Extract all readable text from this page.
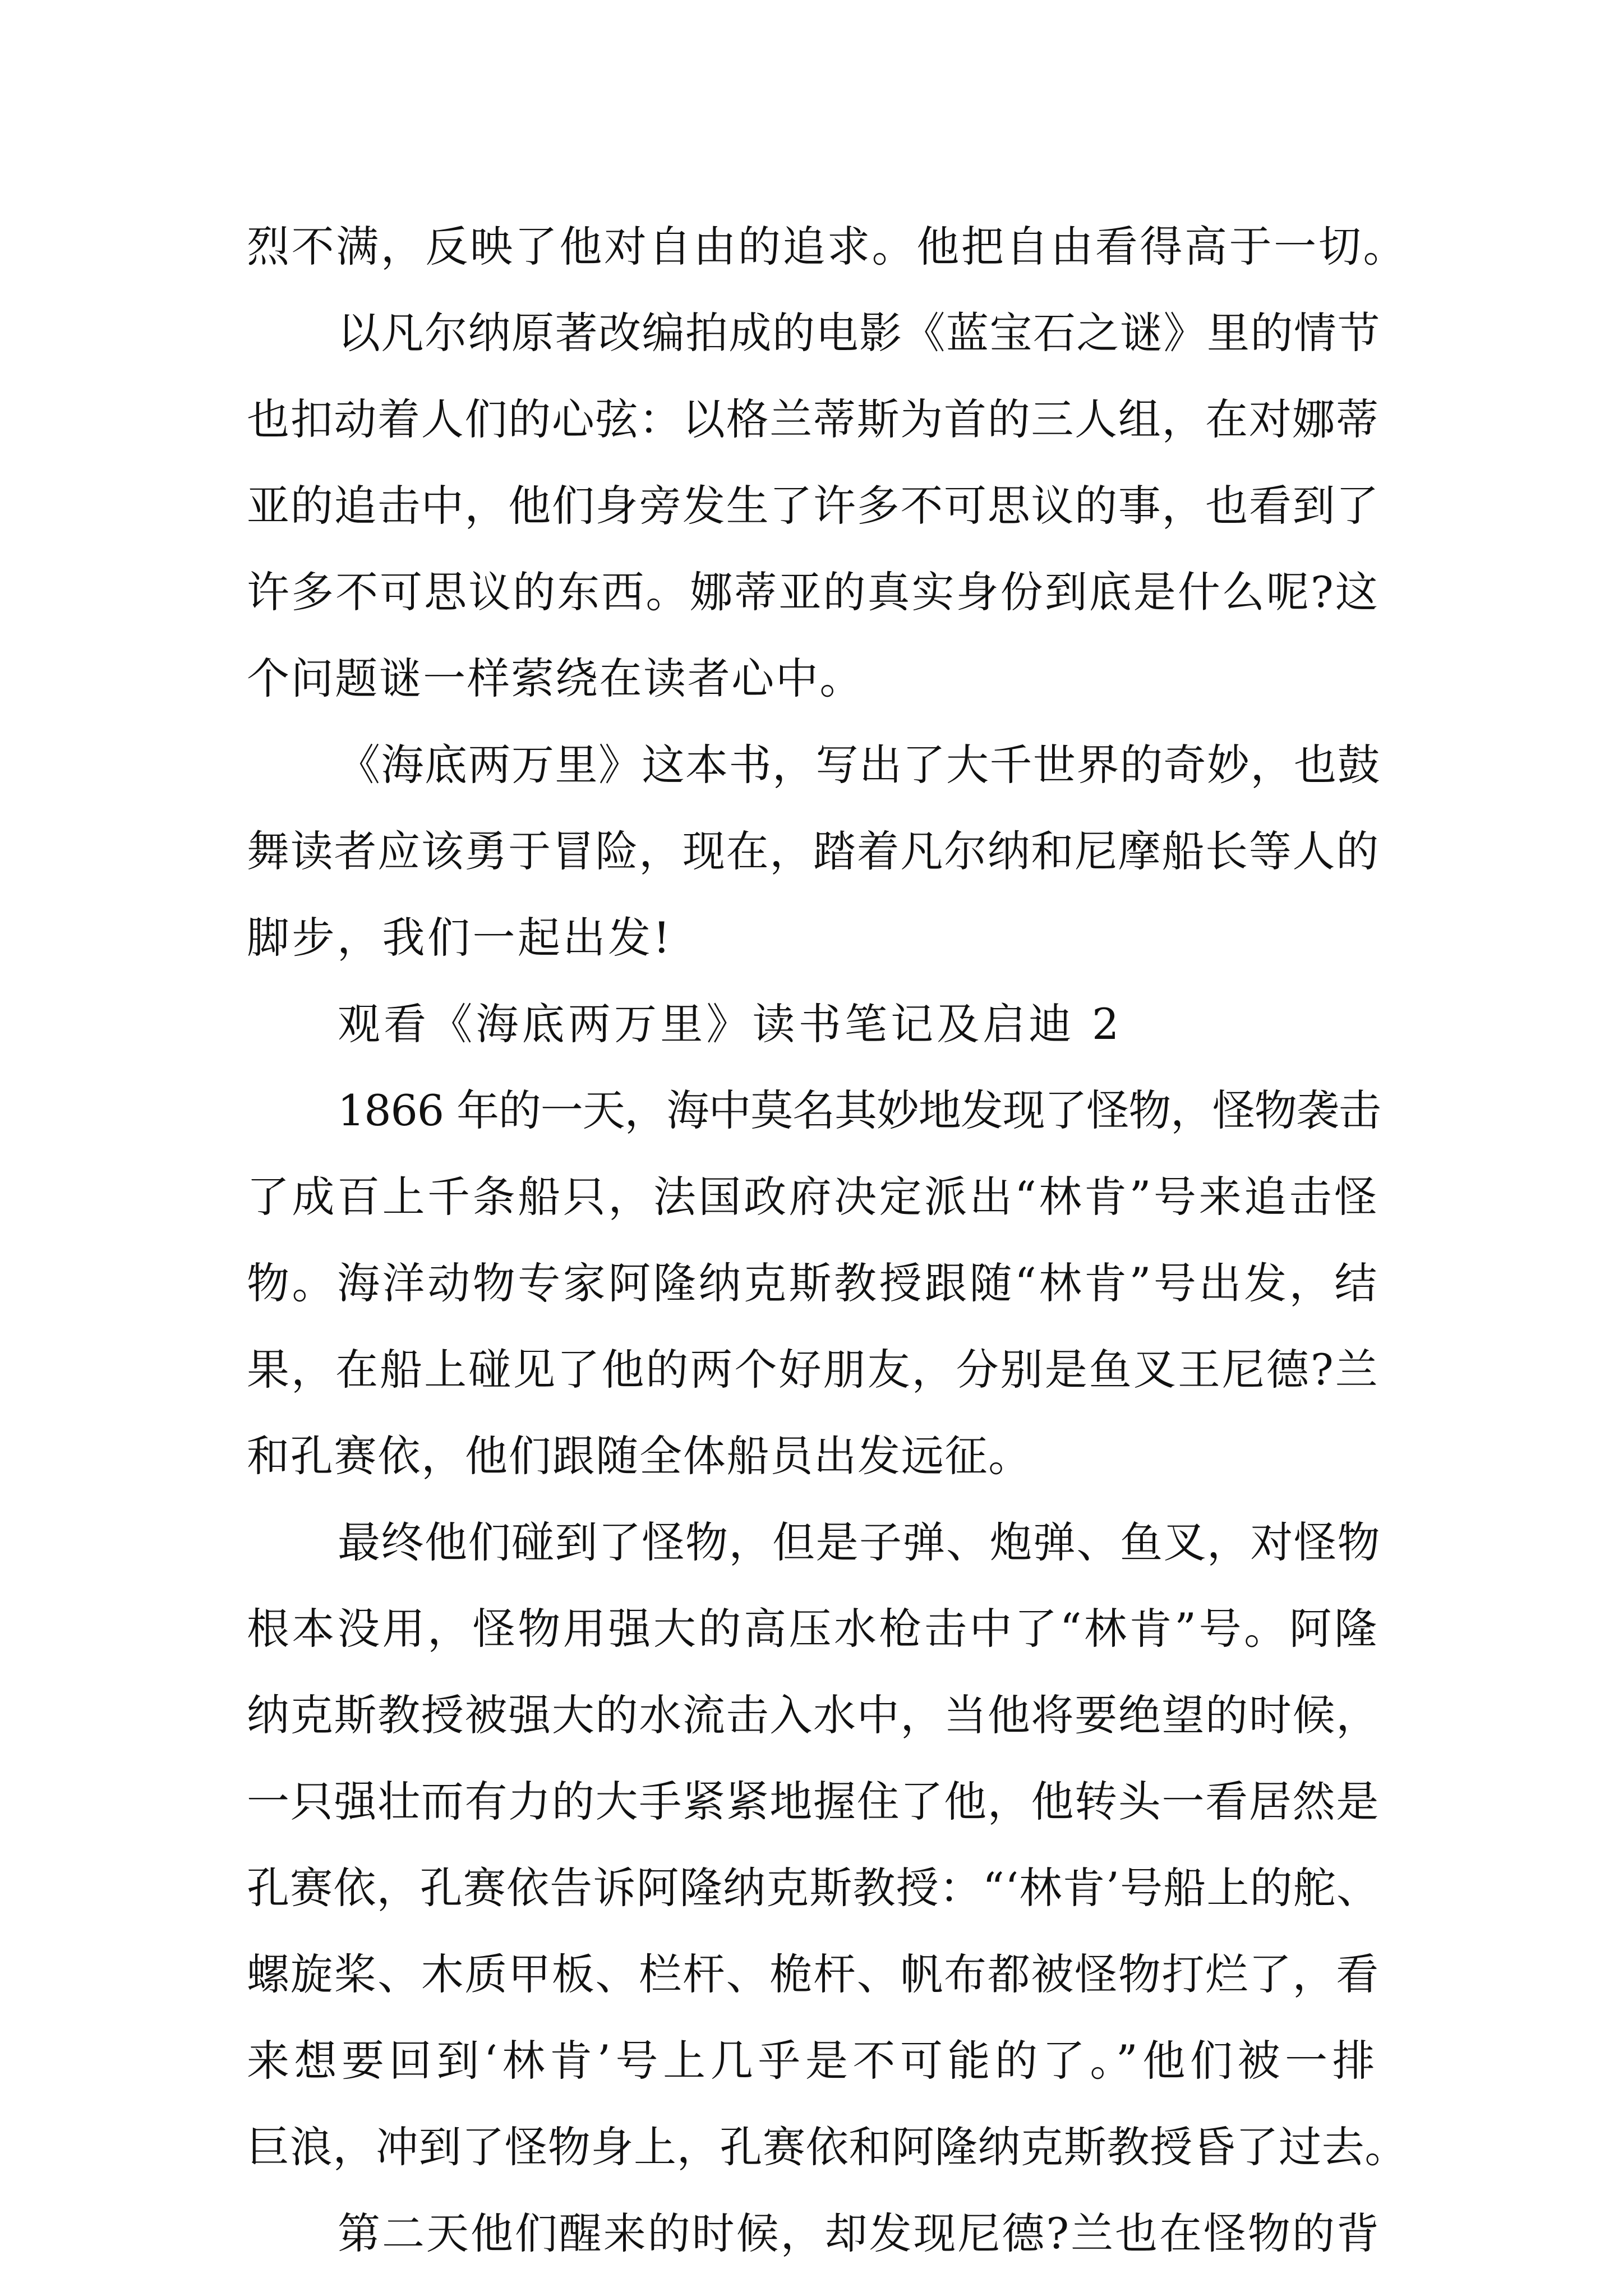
烈不满，反映了他对自由的追求。他把自由看得高于一切。

以凡尔纳原著改编拍成的电影《蓝宝石之谜》里的情节

也扣动着人们的心弦：以格兰蒂斯为首的三人组，在对娜蒂

亚的追击中，他们身旁发生了许多不可思议的事，也看到了

许多不可思议的东西。娜蒂亚的真实身份到底是什么呢?这

个问题谜一样萦绕在读者心中。

《海底两万里》这本书，写出了大千世界的奇妙，也鼓

舞读者应该勇于冒险，现在，踏着凡尔纳和尼摩船长等人的

脚步，我们一起出发!

观看《海底两万里》读书笔记及启迪 2

1866 年的一天，海中莫名其妙地发现了怪物，怪物袭击

了成百上千条船只，法国政府决定派出“林肯”号来追击怪

物。海洋动物专家阿隆纳克斯教授跟随“林肯”号出发，结

果，在船上碰见了他的两个好朋友，分别是鱼叉王尼德?兰

和孔赛依，他们跟随全体船员出发远征。

最终他们碰到了怪物，但是子弹、炮弹、鱼叉，对怪物

根本没用，怪物用强大的高压水枪击中了“林肯”号。阿隆

纳克斯教授被强大的水流击入水中，当他将要绝望的时候，

一只强壮而有力的大手紧紧地握住了他，他转头一看居然是

孔赛依，孔赛依告诉阿隆纳克斯教授：“‘林肯’号船上的舵、

螺旋桨、木质甲板、栏杆、桅杆、帆布都被怪物打烂了，看

来想要回到‘林肯’号上几乎是不可能的了。”他们被一排

巨浪，冲到了怪物身上，孔赛依和阿隆纳克斯教授昏了过去。

第二天他们醒来的时候，却发现尼德?兰也在怪物的背
